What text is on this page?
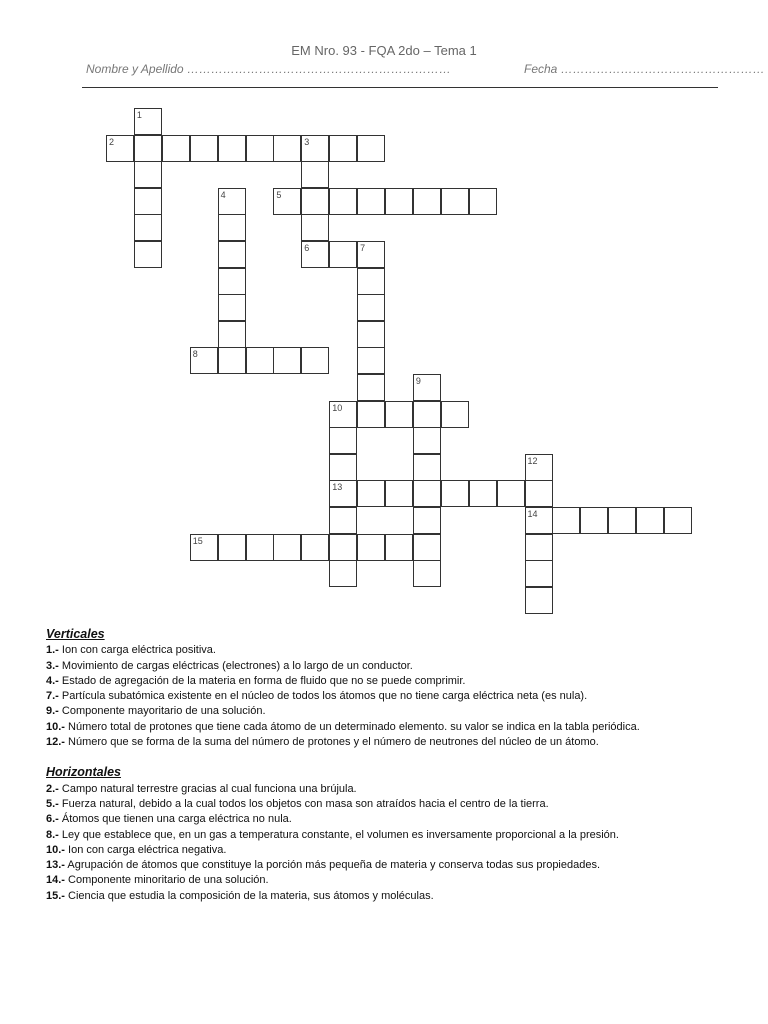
EM Nro. 93 - FQA 2do – Tema 1
Nombre y Apellido …………………………………………………………	Fecha ……………………………………………
1
2	3
4	5
6	7
8
9
10
13
12
14
15
Verticales
1.- Ion con carga eléctrica positiva.
3.- Movimiento de cargas eléctricas (electrones) a lo largo de un conductor.
4.- Estado de agregación de la materia en forma de fluido que no se puede comprimir.
7.- Partícula subatómica existente en el núcleo de todos los átomos que no tiene carga eléctrica neta (es nula).
9.- Componente mayoritario de una solución.
10.- Número total de protones que tiene cada átomo de un determinado elemento. su valor se indica en la tabla periódica.
12.- Número que se forma de la suma del número de protones y el número de neutrones del núcleo de un átomo.
Horizontales
2.- Campo natural terrestre gracias al cual funciona una brújula.
5.- Fuerza natural, debido a la cual todos los objetos con masa son atraídos hacia el centro de la tierra.
6.- Átomos que tienen una carga eléctrica no nula.
8.- Ley que establece que, en un gas a temperatura constante, el volumen es inversamente proporcional a la presión.
10.- Ion con carga eléctrica negativa.
13.- Agrupación de átomos que constituye la porción más pequeña de materia y conserva todas sus propiedades.
14.- Componente minoritario de una solución.
15.- Ciencia que estudia la composición de la materia, sus átomos y moléculas.
